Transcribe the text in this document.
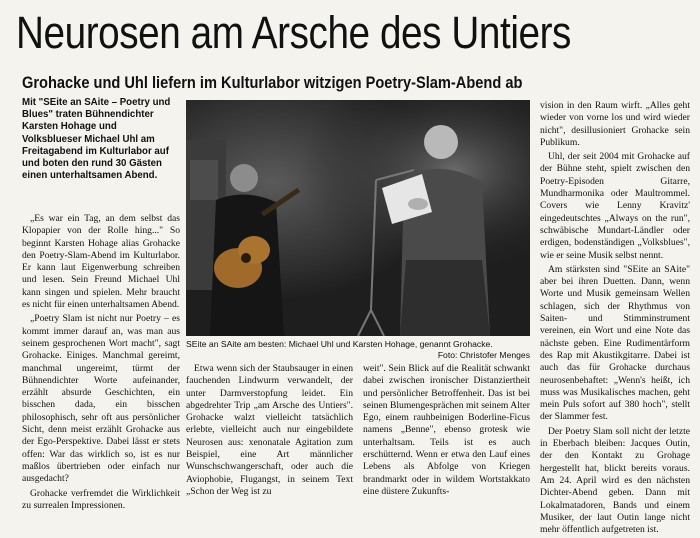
Neurosen am Arsche des Untiers
Grohacke und Uhl liefern im Kulturlabor witzigen Poetry-Slam-Abend ab
Mit "SEite an SAite – Poetry und Blues" traten Bühnendichter Karsten Hohage und Volksblueser Michael Uhl am Freitagabend im Kulturlabor auf und boten den rund 30 Gästen einen unterhaltsamen Abend.

„Es war ein Tag, an dem selbst das Klopapier von der Rolle hing..." So beginnt Karsten Hohage alias Grohacke den Poetry-Slam-Abend im Kulturlabor. Er kann laut Eigenwerbung schreiben und lesen. Sein Freund Michael Uhl kann singen und spielen. Mehr braucht es nicht für einen unterhaltsamen Abend.

„Poetry Slam ist nicht nur Poetry – es kommt immer darauf an, was man aus seinem gesprochenen Wort macht", sagt Grohacke. Einiges. Manchmal gereimt, manchmal ungereimt, türmt der Bühnendichter Worte aufeinander, erzählt absurde Geschichten, ein bisschen dada, ein bisschen philosophisch, sehr oft aus persönlicher Sicht, denn meist erzählt Grohacke aus der Ego-Perspektive. Dabei lässt er stets offen: War das wirklich so, ist es nur maßlos übertrieben oder einfach nur ausgedacht?

Grohacke verfremdet die Wirklichkeit zu surrealen Impressionen.

SEite an SAite am besten: Michael Uhl und Karsten Hohage, genannt Grohacke.
Foto: Christofer Menges

Etwa wenn sich der Staubsauger in einen fauchenden Lindwurm verwandelt, der unter Darmverstopfung leidet. Ein abgedrehter Trip „am Arsche des Untiers". Grohacke walzt vielleicht tatsächlich erlebte, vielleicht auch nur eingebildete Neurosen aus: xenonatale Agitation zum Beispiel, eine Art männlicher Wunschschwangerschaft, oder auch die Aviophobie, Flugangst, in seinem Text „Schon der Weg ist zu

weit". Sein Blick auf die Realität schwankt dabei zwischen ironischer Distanziertheit und persönlicher Betroffenheit. Das ist bei seinen Blumengesprächen mit seinem Alter Ego, einem rauhbeinigen Boderline-Ficus namens „Benne", ebenso grotesk wie unterhaltsam. Teils ist es auch erschütternd. Wenn er etwa den Lauf eines Lebens als Abfolge von Kriegen brandmarkt oder in wildem Wortstakkato eine düstere Zukunfts-

vision in den Raum wirft. „Alles geht wieder von vorne los und wird wieder nicht", desillusioniert Grohacke sein Publikum.

Uhl, der seit 2004 mit Grohacke auf der Bühne steht, spielt zwischen den Poetry-Episoden Gitarre, Mundharmonika oder Maultrommel. Covers wie Lenny Kravitz' eingedeutschtes „Always on the run", schwäbische Mundart-Ländler oder erdigen, bodenständigen „Volksblues", wie er seine Musik selbst nennt.

Am stärksten sind "SEite an SAite" aber bei ihren Duetten. Dann, wenn Worte und Musik gemeinsam Wellen schlagen, sich der Rhythmus von Saiten- und Stimminstrument vereinen, ein Wort und eine Note das nächste geben. Eine Rudimentärform des Rap mit Akustikgitarre. Dabei ist auch das für Grohacke durchaus neurosenbehaftet: „Wenn's heißt, ich muss was Musikalisches machen, geht mein Puls sofort auf 380 hoch", stellt der Slammer fest.

Der Poetry Slam soll nicht der letzte in Eberbach bleiben: Jacques Outin, der den Kontakt zu Grohage hergestellt hat, blickt bereits voraus. Am 24. April wird es den nächsten Dichter-Abend geben. Dann mit Lokalmatadoren, Bands und einem Musiker, der laut Outin lange nicht mehr öffentlich aufgetreten ist.
